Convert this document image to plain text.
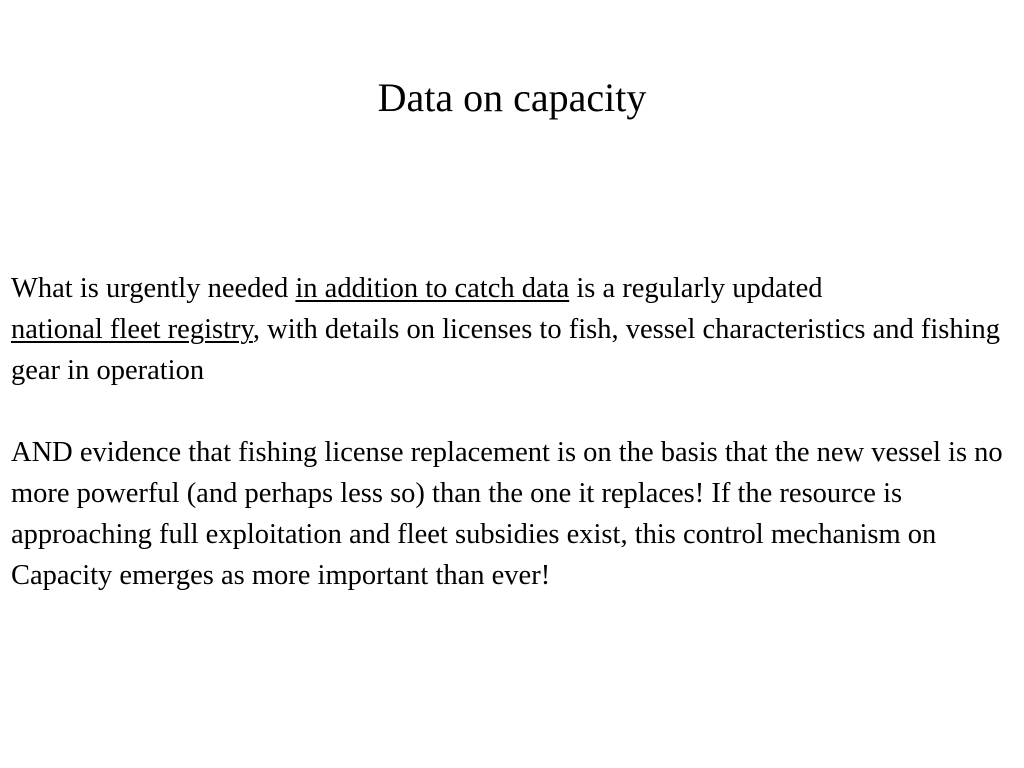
Data on capacity

What is urgently needed in addition to catch data is a regularly updated
national fleet registry, with details on licenses to fish, vessel characteristics and fishing gear in operation

AND evidence that fishing license replacement is on the basis that the new vessel is no more powerful (and perhaps less so) than the one it replaces! If the resource is approaching full exploitation and fleet subsidies exist, this control mechanism on Capacity emerges as more important than ever!
